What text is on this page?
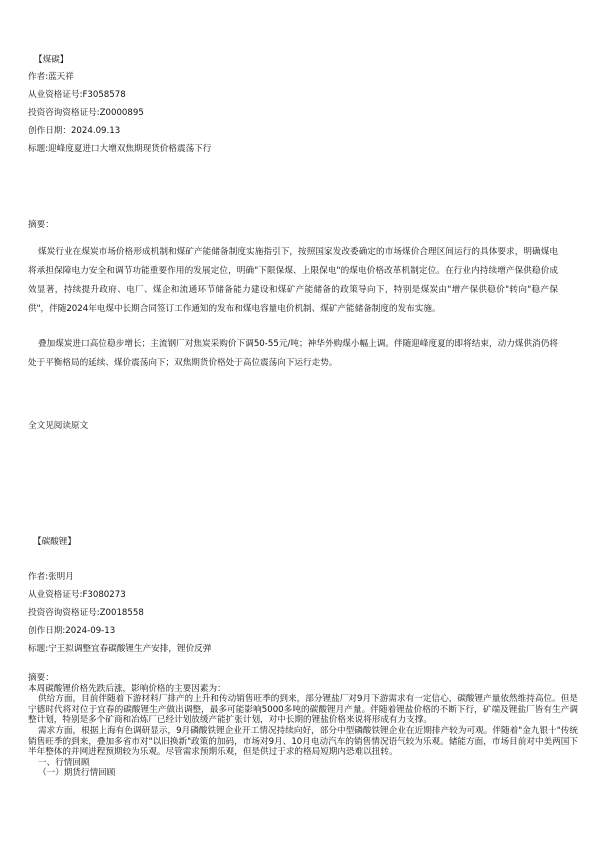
【煤碳】
作者:蓝天祥
从业资格证号:F3058578
投资咨询资格证号:Z0000895
创作日期：2024.09.13
标题:迎峰度夏进口大增双焦期现货价格震荡下行
摘要：
煤炭行业在煤炭市场价格形成机制和煤矿产能储备制度实施指引下，按照国家发改委确定的市场煤价合理区间运行的具体要求，明确煤电将承担保障电力安全和调节功能重要作用的发展定位，明确"下限保煤、上限保电"的煤电价格改革机制定位。在行业内持续增产保供稳价成效显著，持续提升政府、电厂、煤企和流通环节储备能力建设和煤矿产能储备的政策导向下，特别是煤炭由"增产保供稳价"转向"稳产保供"，伴随2024年电煤中长期合同签订工作通知的发布和煤电容量电价机制、煤矿产能储备制度的发布实施。
叠加煤炭进口高位稳步增长；主流钢厂对焦炭采购价下调50-55元/吨；神华外购煤小幅上调。伴随迎峰度夏的即将结束，动力煤供消仍将处于平衡格局的延续、煤价震荡向下；双焦期货价格处于高位震荡向下运行走势。
全文见阅读原文
【碳酸锂】
作者:张明月
从业资格证号:F3080273
投资咨询资格证号:Z0018558
创作日期:2024-09-13
标题:宁王拟调整宜春碳酸锂生产安排，锂价反弹

摘要：

本周碳酸锂价格先跌后涨，影响价格的主要因素为：

供给方面，目前伴随着下游材料厂排产的上升和传动销售旺季的到来，部分锂盐厂对9月下游需求有一定信心，碳酸锂产量依然维持高位。但是宁德时代将对位于宜春的碳酸锂生产做出调整，最多可能影响5000多吨的碳酸锂月产量。伴随着锂盐价格的不断下行，矿端及锂盐厂皆有生产调整计划，特别是多个矿商和冶炼厂已经计划放缓产能扩张计划，对中长期的锂盐价格来说将形成有力支撑。

需求方面，根据上海有色调研显示，9月磷酸铁锂企业开工情况持续向好，部分中型磷酸铁锂企业在近期排产较为可观。伴随着"金九银十"传统销售旺季的到来，叠加多省市对"以旧换新"政策的加码，市场对9月、10月电动汽车的销售情况语气较为乐观。储能方面，市场目前对中美两国下半年整体的并网进程预期较为乐观。尽管需求预期乐观，但是供过于求的格局短期内恐难以扭转。

一、行情回顾

（一）期货行情回顾
